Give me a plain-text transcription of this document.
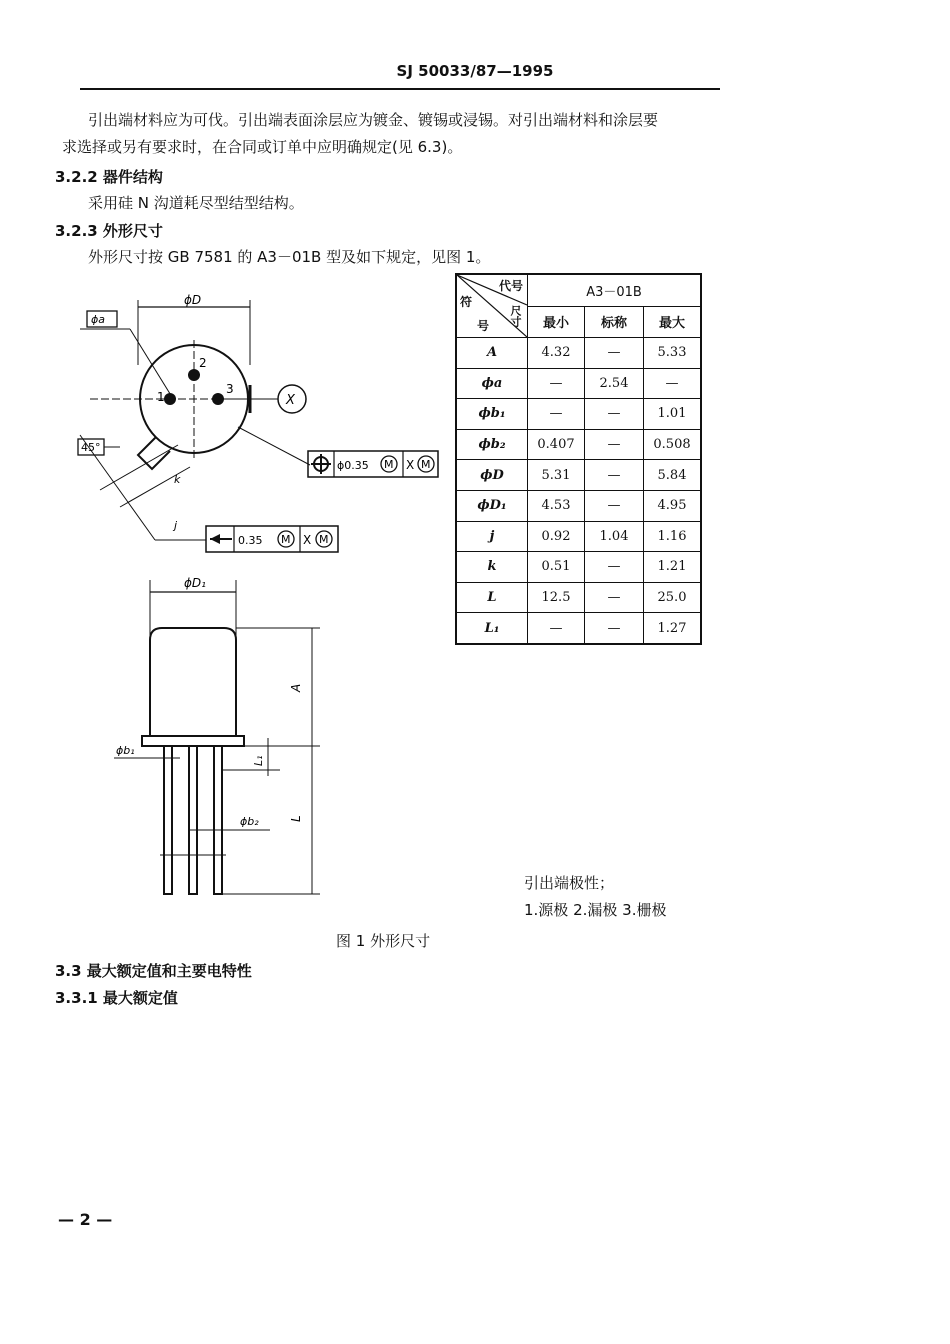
SJ 50033/87—1995
引出端材料应为可伐。引出端表面涂层应为镀金、镀锡或浸锡。对引出端材料和涂层要
求选择或另有要求时，在合同或订单中应明确规定(见 6.3)。
3.2.2 器件结构
采用硅 N 沟道耗尽型结型结构。
3.2.3 外形尺寸
外形尺寸按 GB 7581 的 A3－01B 型及如下规定，见图 1。
代号
尺寸
符
号	A3－01B		
	最小	标称	最大
A	4.32	—	5.33
ϕa	—	2.54	—
ϕb₁	—	—	1.01
ϕb₂	0.407	—	0.508
ϕD	5.31	—	5.84
ϕD₁	4.53	—	4.95
j	0.92	1.04	1.16
k	0.51	—	1.21
L	12.5	—	25.0
L₁	—	—	1.27
ϕD
ϕa
1
2
3
X
45°
k
ϕ0.35 M X M
j
0.35 M X M
ϕD₁
A
L₁
L
ϕb₁
ϕb₂
引出端极性；
1.源极 2.漏极 3.栅极
图 1 外形尺寸
3.3 最大额定值和主要电特性
3.3.1 最大额定值
— 2 —
